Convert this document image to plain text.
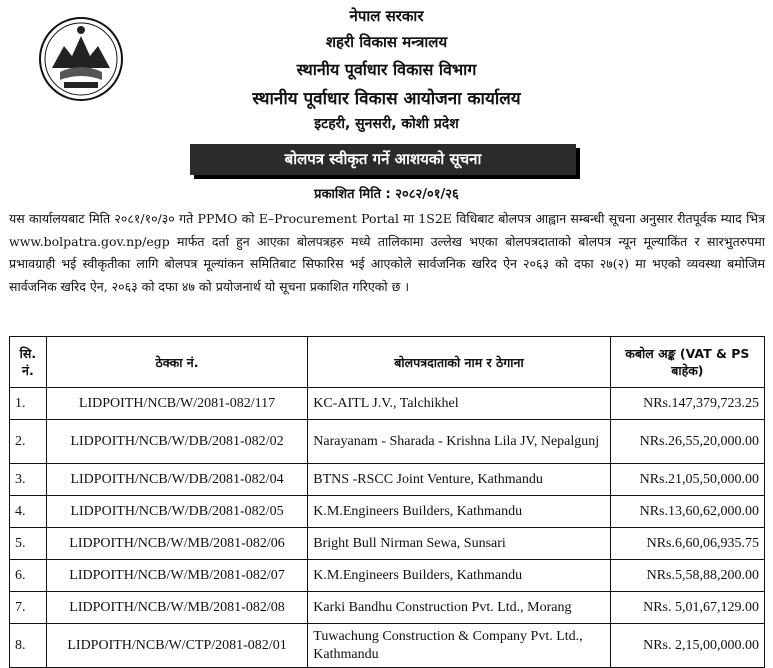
नेपाल सरकार
शहरी विकास मन्त्रालय
स्थानीय पूर्वाधार विकास विभाग
स्थानीय पूर्वाधार विकास आयोजना कार्यालय
इटहरी, सुनसरी, कोशी प्रदेश
बोलपत्र स्वीकृत गर्ने आशयको सूचना
प्रकाशित मिति : २०८२/०१/२६
यस कार्यालयबाट मिति २०८१/१०/३० गते PPMO को E–Procurement Portal मा 1S2E विधिबाट बोलपत्र आह्वान सम्बन्धी सूचना अनुसार रीतपूर्वक म्याद भित्र www.bolpatra.gov.np/egp मार्फत दर्ता हुन आएका बोलपत्रहरु मध्ये तालिकामा उल्लेख भएका बोलपत्रदाताको बोलपत्र न्यून मूल्याकिंत र सारभुतरुपमा प्रभावग्राही भई स्वीकृतीका लागि बोलपत्र मूल्यांकन समितिबाट सिफारिस भई आएकोले सार्वजनिक खरिद ऐन २०६३ को दफा २७(२) मा भएको व्यवस्था बमोजिम सार्वजनिक खरिद ऐन, २०६३ को दफा ४७ को प्रयोजनार्थ यो सूचना प्रकाशित गरिएको छ ।
सि. नं.	ठेक्का नं.	बोलपत्रदाताको नाम र ठेगाना	कबोल अङ्क (VAT & PS बाहेक)
1.	LIDPOITH/NCB/W/2081-082/117	KC-AITL J.V., Talchikhel	NRs.147,379,723.25
2.	LIDPOITH/NCB/W/DB/2081-082/02	Narayanam - Sharada - Krishna Lila JV, Nepalgunj	NRs.26,55,20,000.00
3.	LIDPOITH/NCB/W/DB/2081-082/04	BTNS -RSCC Joint Venture, Kathmandu	NRs.21,05,50,000.00
4.	LIDPOITH/NCB/W/DB/2081-082/05	K.M.Engineers Builders, Kathmandu	NRs.13,60,62,000.00
5.	LIDPOITH/NCB/W/MB/2081-082/06	Bright Bull Nirman Sewa, Sunsari	NRs.6,60,06,935.75
6.	LIDPOITH/NCB/W/MB/2081-082/07	K.M.Engineers Builders, Kathmandu	NRs.5,58,88,200.00
7.	LIDPOITH/NCB/W/MB/2081-082/08	Karki Bandhu Construction Pvt. Ltd., Morang	NRs. 5,01,67,129.00
8.	LIDPOITH/NCB/W/CTP/2081-082/01	Tuwachung Construction & Company Pvt. Ltd., Kathmandu	NRs. 2,15,00,000.00
